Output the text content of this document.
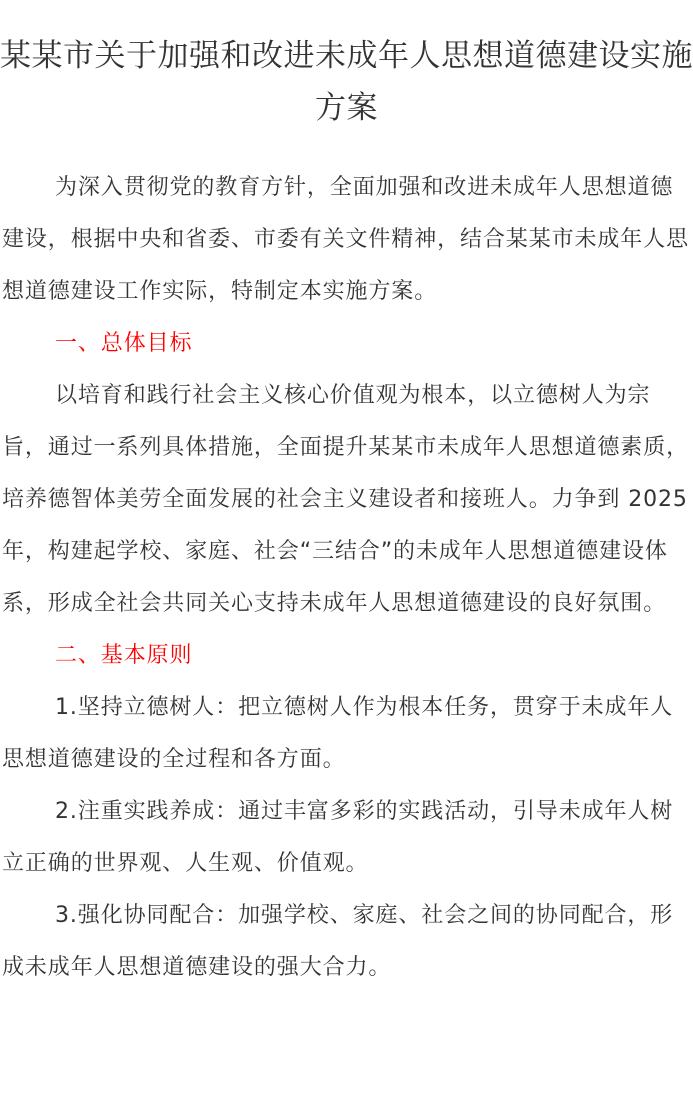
某某市关于加强和改进未成年人思想道德建设实施方案

为深入贯彻党的教育方针，全面加强和改进未成年人思想道德建设，根据中央和省委、市委有关文件精神，结合某某市未成年人思想道德建设工作实际，特制定本实施方案。

一、总体目标

以培育和践行社会主义核心价值观为根本，以立德树人为宗旨，通过一系列具体措施，全面提升某某市未成年人思想道德素质，培养德智体美劳全面发展的社会主义建设者和接班人。力争到 2025 年，构建起学校、家庭、社会“三结合”的未成年人思想道德建设体系，形成全社会共同关心支持未成年人思想道德建设的良好氛围。

二、基本原则

1.坚持立德树人：把立德树人作为根本任务，贯穿于未成年人思想道德建设的全过程和各方面。

2.注重实践养成：通过丰富多彩的实践活动，引导未成年人树立正确的世界观、人生观、价值观。

3.强化协同配合：加强学校、家庭、社会之间的协同配合，形成未成年人思想道德建设的强大合力。
